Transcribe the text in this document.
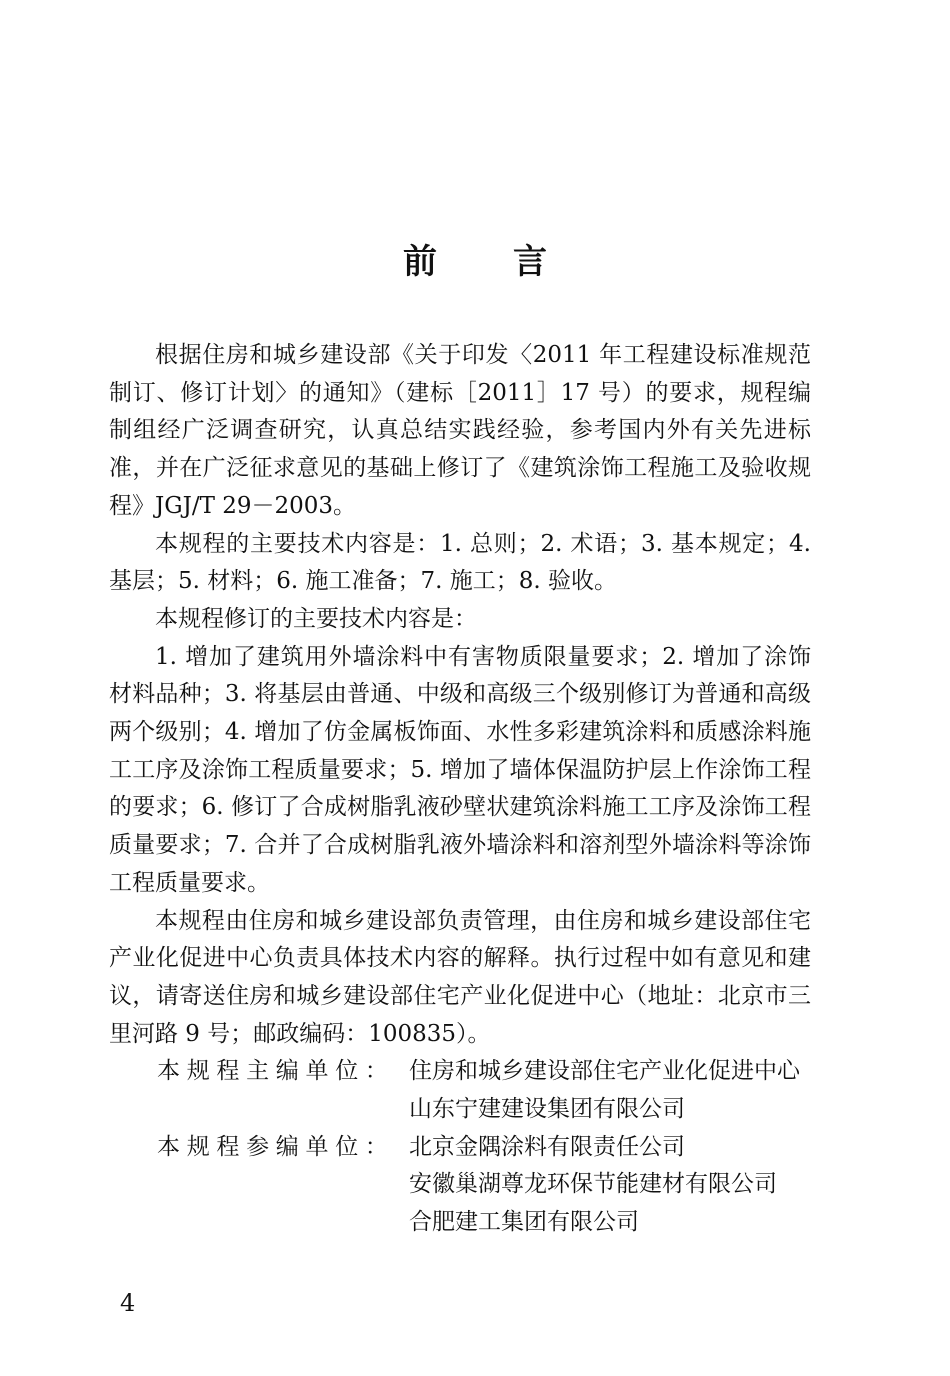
前言

根据住房和城乡建设部《关于印发〈2011 年工程建设标准规范制订、修订计划〉的通知》（建标［2011］17 号）的要求，规程编制组经广泛调查研究，认真总结实践经验，参考国内外有关先进标准，并在广泛征求意见的基础上修订了《建筑涂饰工程施工及验收规程》JGJ/T 29－2003。

本规程的主要技术内容是：1. 总则；2. 术语；3. 基本规定；4. 基层；5. 材料；6. 施工准备；7. 施工；8. 验收。

本规程修订的主要技术内容是：

1. 增加了建筑用外墙涂料中有害物质限量要求；2. 增加了涂饰材料品种；3. 将基层由普通、中级和高级三个级别修订为普通和高级两个级别；4. 增加了仿金属板饰面、水性多彩建筑涂料和质感涂料施工工序及涂饰工程质量要求；5. 增加了墙体保温防护层上作涂饰工程的要求；6. 修订了合成树脂乳液砂壁状建筑涂料施工工序及涂饰工程质量要求；7. 合并了合成树脂乳液外墙涂料和溶剂型外墙涂料等涂饰工程质量要求。

本规程由住房和城乡建设部负责管理，由住房和城乡建设部住宅产业化促进中心负责具体技术内容的解释。执行过程中如有意见和建议，请寄送住房和城乡建设部住宅产业化促进中心（地址：北京市三里河路 9 号；邮政编码：100835）。

本规程主编单位： 住房和城乡建设部住宅产业化促进中心
山东宁建建设集团有限公司
本规程参编单位： 北京金隅涂料有限责任公司
安徽巢湖尊龙环保节能建材有限公司
合肥建工集团有限公司
4
